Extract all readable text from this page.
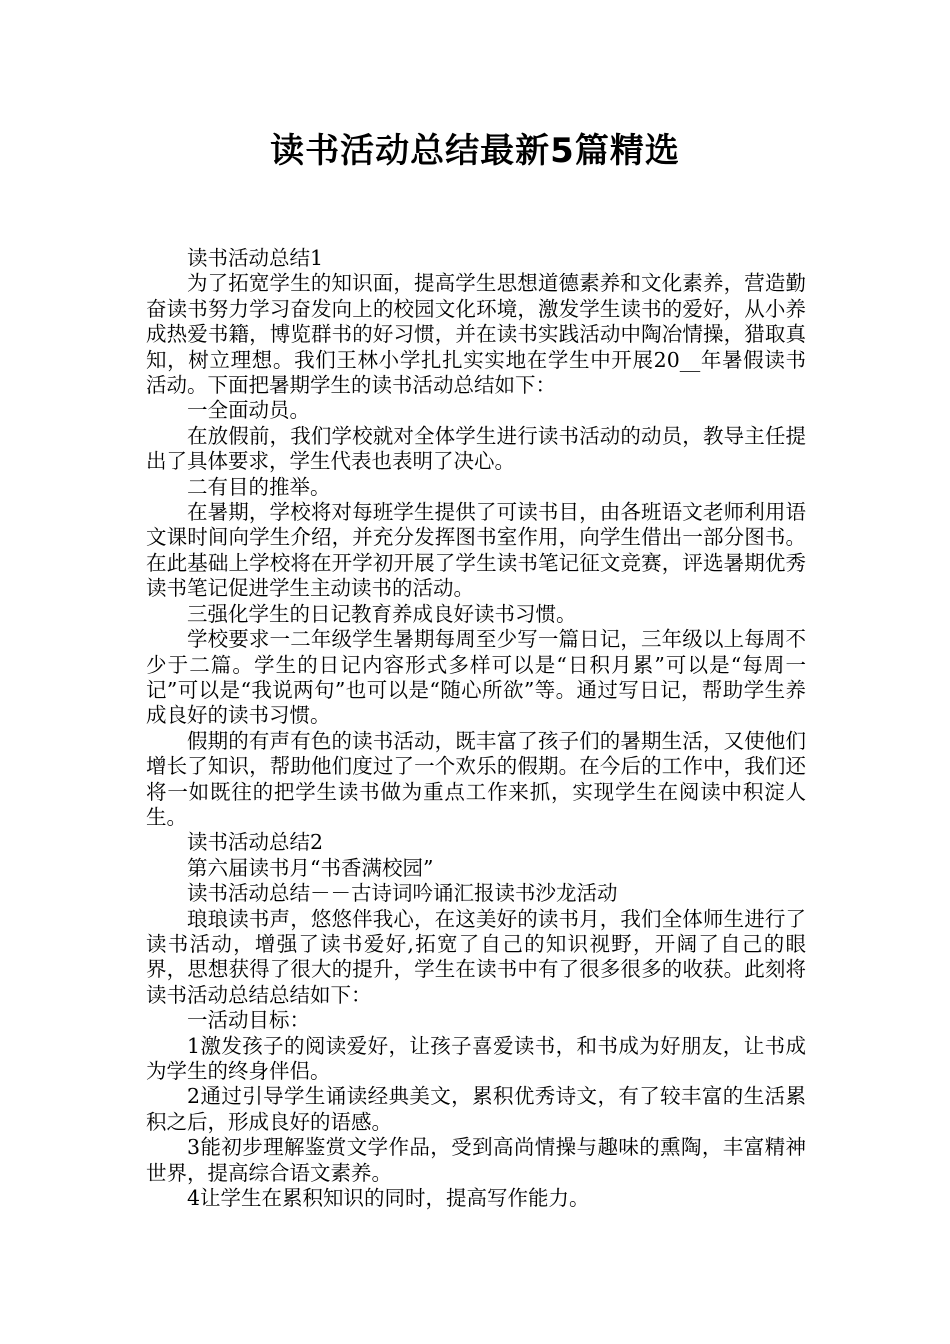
读书活动总结最新5篇精选

读书活动总结1

为了拓宽学生的知识面，提高学生思想道德素养和文化素养，营造勤奋读书努力学习奋发向上的校园文化环境，激发学生读书的爱好，从小养成热爱书籍，博览群书的好习惯，并在读书实践活动中陶冶情操，猎取真知，树立理想。我们王林小学扎扎实实地在学生中开展20__年暑假读书活动。下面把暑期学生的读书活动总结如下：

一全面动员。

在放假前，我们学校就对全体学生进行读书活动的动员，教导主任提出了具体要求，学生代表也表明了决心。

二有目的推举。

在暑期，学校将对每班学生提供了可读书目，由各班语文老师利用语文课时间向学生介绍，并充分发挥图书室作用，向学生借出一部分图书。在此基础上学校将在开学初开展了学生读书笔记征文竞赛，评选暑期优秀读书笔记促进学生主动读书的活动。

三强化学生的日记教育养成良好读书习惯。

学校要求一二年级学生暑期每周至少写一篇日记，三年级以上每周不少于二篇。学生的日记内容形式多样可以是“日积月累”可以是“每周一记”可以是“我说两句”也可以是“随心所欲”等。通过写日记，帮助学生养成良好的读书习惯。

假期的有声有色的读书活动，既丰富了孩子们的暑期生活，又使他们增长了知识，帮助他们度过了一个欢乐的假期。在今后的工作中，我们还将一如既往的把学生读书做为重点工作来抓，实现学生在阅读中积淀人生。

读书活动总结2

第六届读书月“书香满校园”

读书活动总结－－古诗词吟诵汇报读书沙龙活动

琅琅读书声，悠悠伴我心，在这美好的读书月，我们全体师生进行了读书活动，增强了读书爱好,拓宽了自己的知识视野，开阔了自己的眼界，思想获得了很大的提升，学生在读书中有了很多很多的收获。此刻将读书活动总结总结如下：

一活动目标：

1激发孩子的阅读爱好，让孩子喜爱读书，和书成为好朋友，让书成为学生的终身伴侣。

2通过引导学生诵读经典美文，累积优秀诗文，有了较丰富的生活累积之后，形成良好的语感。

3能初步理解鉴赏文学作品，受到高尚情操与趣味的熏陶，丰富精神世界，提高综合语文素养。

4让学生在累积知识的同时，提高写作能力。
